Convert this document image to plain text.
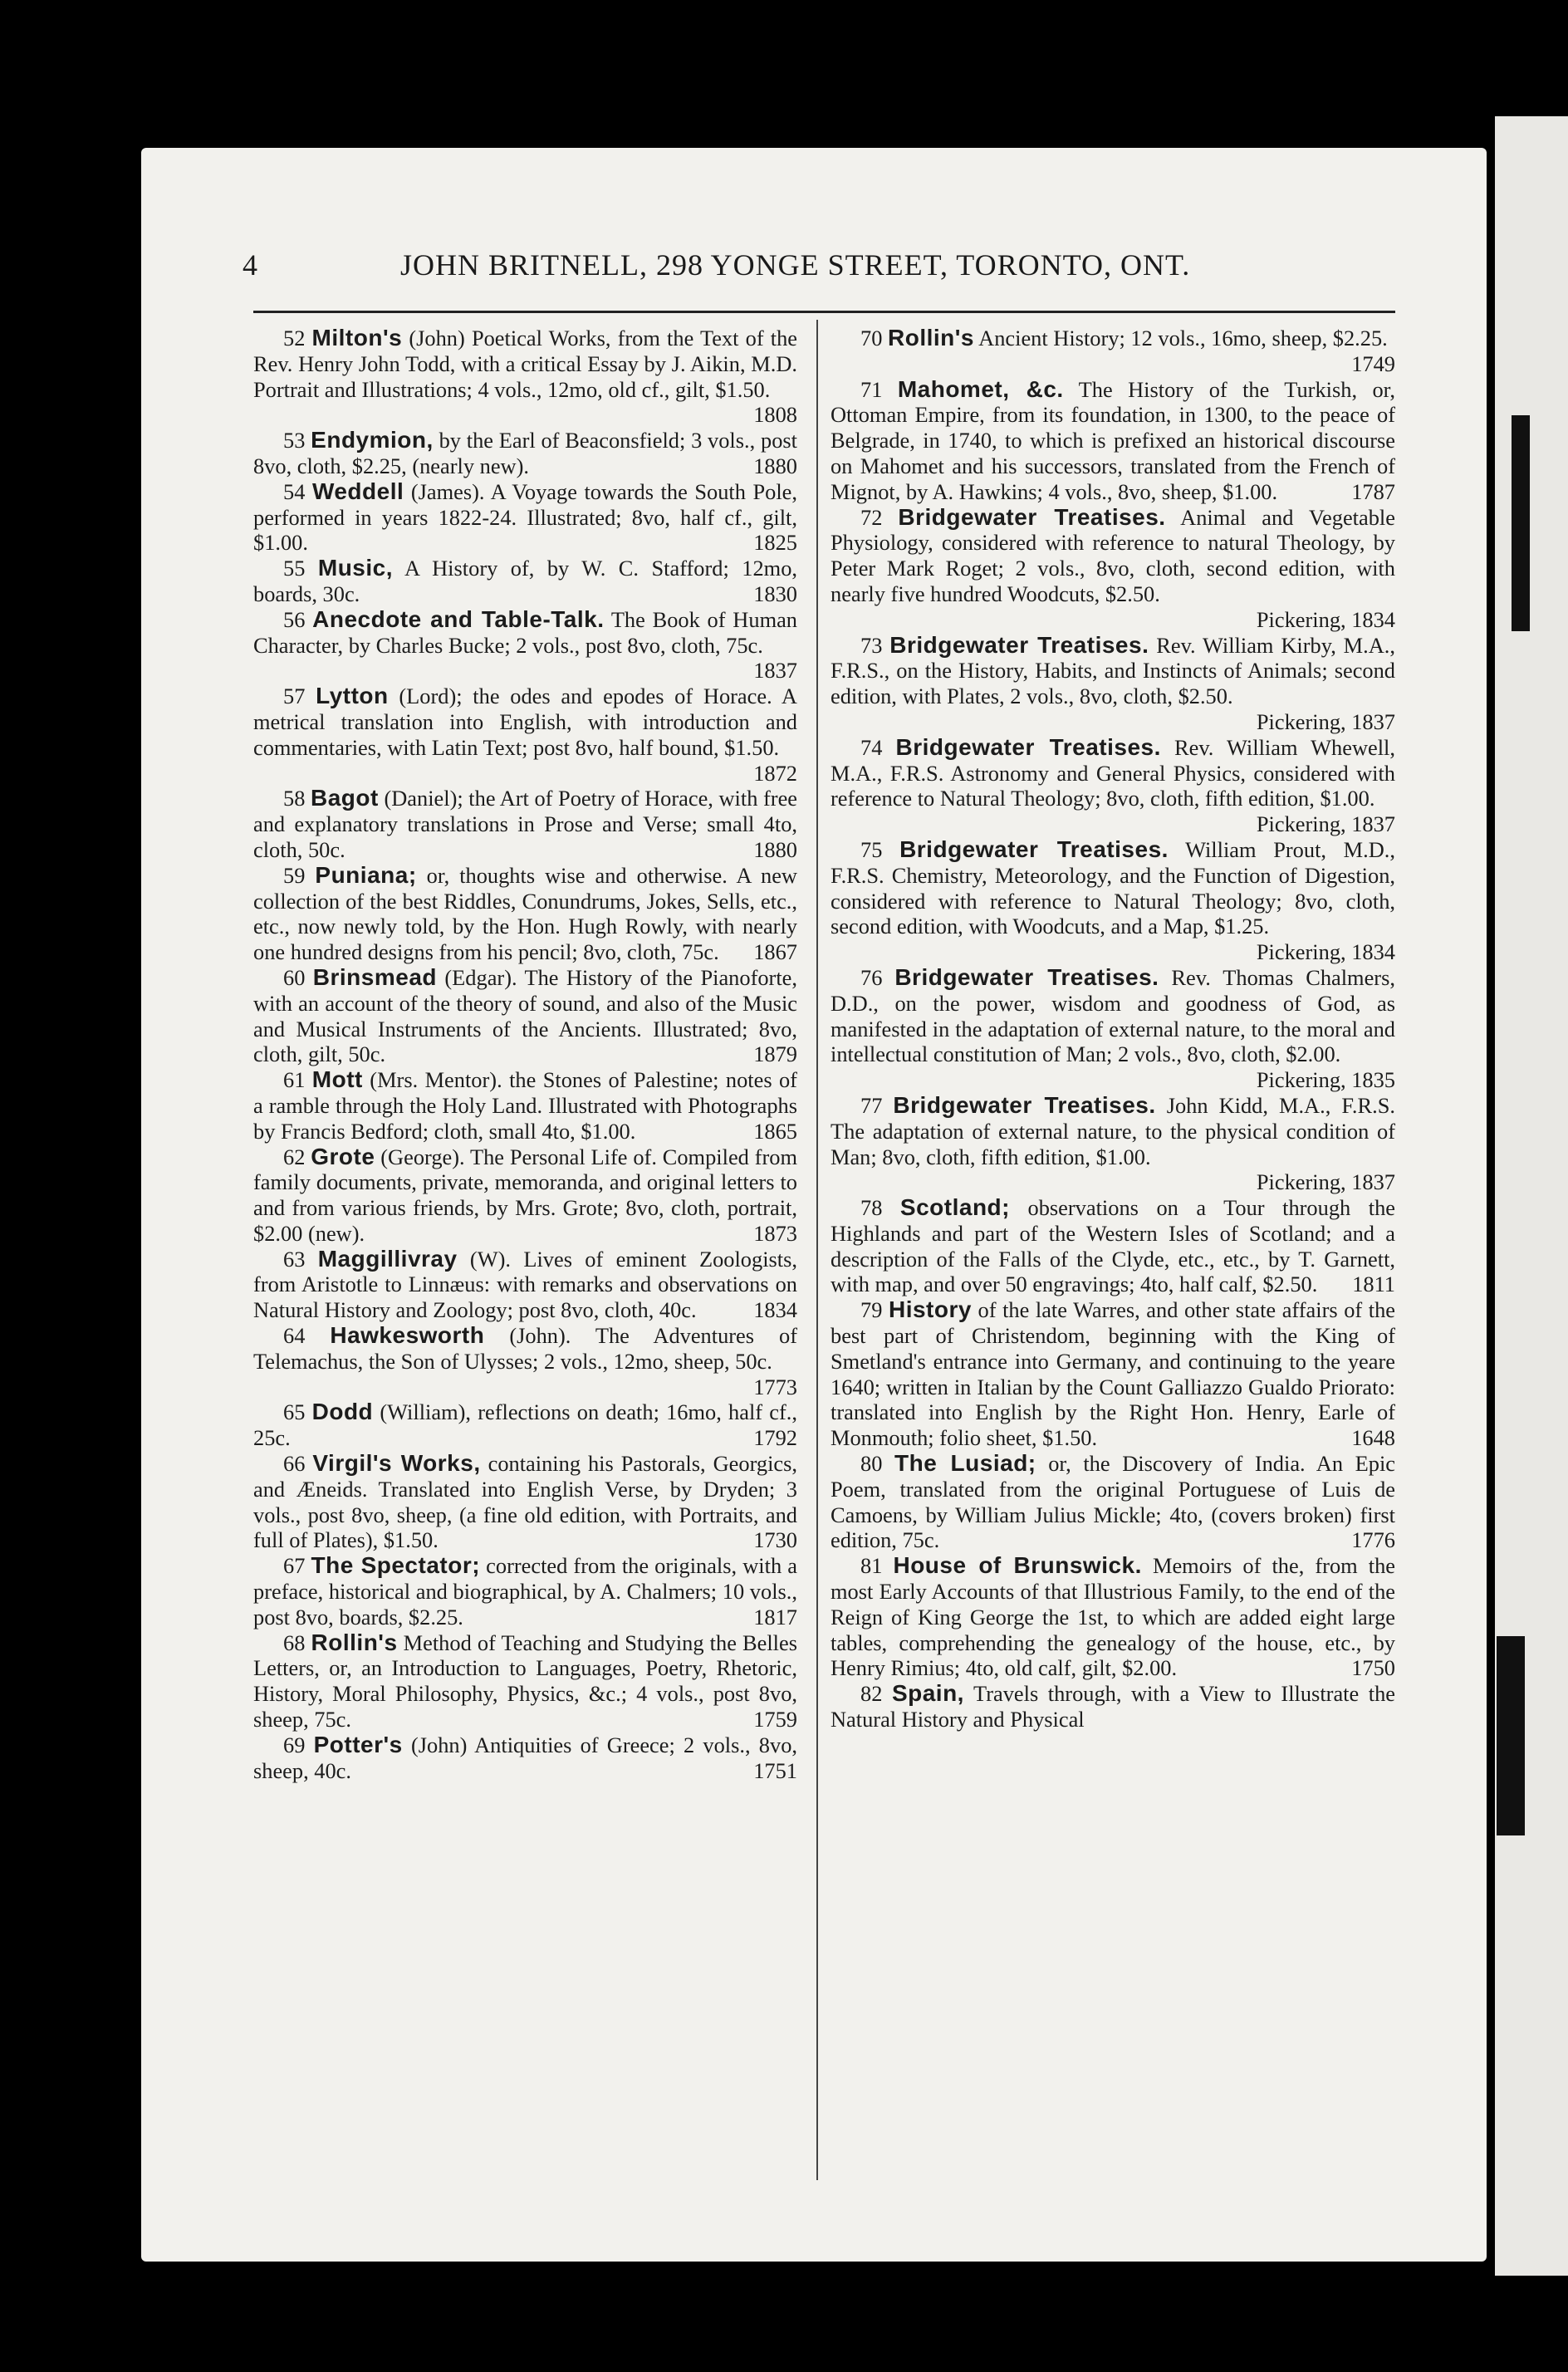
4	JOHN BRITNELL, 298 YONGE STREET, TORONTO, ONT.

52 Milton's (John) Poetical Works, from the Text of the Rev. Henry John Todd, with a critical Essay by J. Aikin, M.D. Portrait and Illustrations; 4 vols., 12mo, old cf., gilt, $1.50.
1808

53 Endymion, by the Earl of Beaconsfield; 3 vols., post 8vo, cloth, $2.25, (nearly new).	1880

54 Weddell (James). A Voyage towards the South Pole, performed in years 1822-24. Illustrated; 8vo, half cf., gilt, $1.00.	1825

55 Music, A History of, by W. C. Stafford; 12mo, boards, 30c.	1830

56 Anecdote and Table-Talk. The Book of Human Character, by Charles Bucke; 2 vols., post 8vo, cloth, 75c.
1837

57 Lytton (Lord); the odes and epodes of Horace. A metrical translation into English, with introduction and commentaries, with Latin Text; post 8vo, half bound, $1.50.
1872

58 Bagot (Daniel); the Art of Poetry of Horace, with free and explanatory translations in Prose and Verse; small 4to, cloth, 50c.	1880

59 Puniana; or, thoughts wise and otherwise. A new collection of the best Riddles, Conundrums, Jokes, Sells, etc., etc., now newly told, by the Hon. Hugh Rowly, with nearly one hundred designs from his pencil; 8vo, cloth, 75c. 1867

60 Brinsmead (Edgar). The History of the Pianoforte, with an account of the theory of sound, and also of the Music and Musical Instruments of the Ancients. Illustrated; 8vo, cloth, gilt, 50c.	1879

61 Mott (Mrs. Mentor). the Stones of Palestine; notes of a ramble through the Holy Land. Illustrated with Photographs by Francis Bedford; cloth, small 4to, $1.00.	1865

62 Grote (George). The Personal Life of. Compiled from family documents, private, memoranda, and original letters to and from various friends, by Mrs. Grote; 8vo, cloth, portrait, $2.00 (new).	1873

63 Maggillivray (W). Lives of eminent Zoologists, from Aristotle to Linnæus: with remarks and observations on Natural History and Zoology; post 8vo, cloth, 40c.	1834

64 Hawkesworth (John). The Adventures of Telemachus, the Son of Ulysses; 2 vols., 12mo, sheep, 50c.
1773

65 Dodd (William), reflections on death; 16mo, half cf., 25c.	1792

66 Virgil's Works, containing his Pastorals, Georgics, and Æneids. Translated into English Verse, by Dryden; 3 vols., post 8vo, sheep, (a fine old edition, with Portraits, and full of Plates), $1.50.	1730

67 The Spectator; corrected from the originals, with a preface, historical and biographical, by A. Chalmers; 10 vols., post 8vo, boards, $2.25.	1817

68 Rollin's Method of Teaching and Studying the Belles Letters, or, an Introduction to Languages, Poetry, Rhetoric, History, Moral Philosophy, Physics, &c.; 4 vols., post 8vo, sheep, 75c.	1759

69 Potter's (John) Antiquities of Greece; 2 vols., 8vo, sheep, 40c.	1751

70 Rollin's Ancient History; 12 vols., 16mo, sheep, $2.25.
1749

71 Mahomet, &c. The History of the Turkish, or, Ottoman Empire, from its foundation, in 1300, to the peace of Belgrade, in 1740, to which is prefixed an historical discourse on Mahomet and his successors, translated from the French of Mignot, by A. Hawkins; 4 vols., 8vo, sheep, $1.00.	1787

72 Bridgewater Treatises. Animal and Vegetable Physiology, considered with reference to natural Theology, by Peter Mark Roget; 2 vols., 8vo, cloth, second edition, with nearly five hundred Woodcuts, $2.50.
Pickering, 1834

73 Bridgewater Treatises. Rev. William Kirby, M.A., F.R.S., on the History, Habits, and Instincts of Animals; second edition, with Plates, 2 vols., 8vo, cloth, $2.50.
Pickering, 1837

74 Bridgewater Treatises. Rev. William Whewell, M.A., F.R.S. Astronomy and General Physics, considered with reference to Natural Theology; 8vo, cloth, fifth edition, $1.00.
Pickering, 1837

75 Bridgewater Treatises. William Prout, M.D., F.R.S. Chemistry, Meteorology, and the Function of Digestion, considered with reference to Natural Theology; 8vo, cloth, second edition, with Woodcuts, and a Map, $1.25.
Pickering, 1834

76 Bridgewater Treatises. Rev. Thomas Chalmers, D.D., on the power, wisdom and goodness of God, as manifested in the adaptation of external nature, to the moral and intellectual constitution of Man; 2 vols., 8vo, cloth, $2.00.
Pickering, 1835

77 Bridgewater Treatises. John Kidd, M.A., F.R.S. The adaptation of external nature, to the physical condition of Man; 8vo, cloth, fifth edition, $1.00.
Pickering, 1837

78 Scotland; observations on a Tour through the Highlands and part of the Western Isles of Scotland; and a description of the Falls of the Clyde, etc., etc., by T. Garnett, with map, and over 50 engravings; 4to, half calf, $2.50. 1811

79 History of the late Warres, and other state affairs of the best part of Christendom, beginning with the King of Smetland's entrance into Germany, and continuing to the yeare 1640; written in Italian by the Count Galliazzo Gualdo Priorato: translated into English by the Right Hon. Henry, Earle of Monmouth; folio sheet, $1.50.	1648

80 The Lusiad; or, the Discovery of India. An Epic Poem, translated from the original Portuguese of Luis de Camoens, by William Julius Mickle; 4to, (covers broken) first edition, 75c.	1776

81 House of Brunswick. Memoirs of the, from the most Early Accounts of that Illustrious Family, to the end of the Reign of King George the 1st, to which are added eight large tables, comprehending the genealogy of the house, etc., by Henry Rimius; 4to, old calf, gilt, $2.00.	1750

82 Spain, Travels through, with a View to Illustrate the Natural History and Physical
